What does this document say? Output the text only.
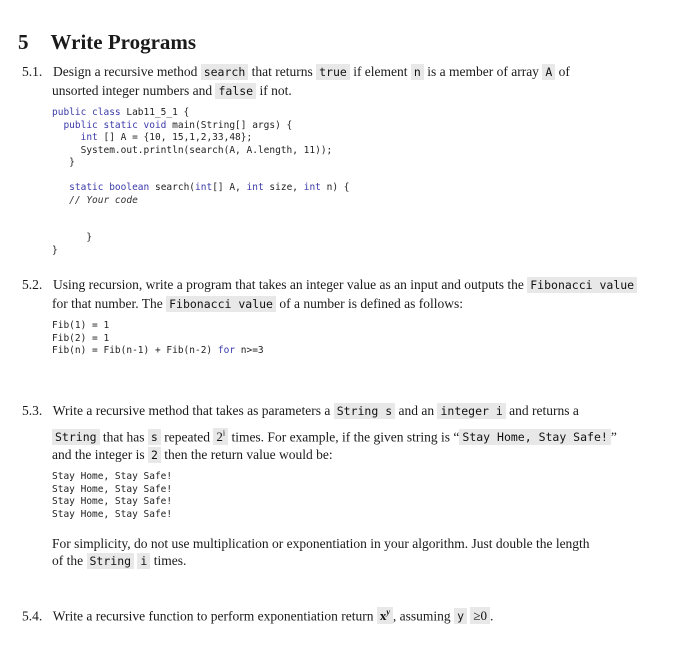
5 Write Programs
5.1. Design a recursive method search that returns true if element n is a member of array A of
unsorted integer numbers and false if not.
public class Lab11_5_1 {
public static void main(String[] args) {
int [] A = {10, 15,1,2,33,48};
System.out.println(search(A, A.length, 11));
}

static boolean search(int[] A, int size, int n) {
// Your code

}
}
5.2. Using recursion, write a program that takes an integer value as an input and outputs the Fibonacci value
for that number. The Fibonacci value of a number is defined as follows:
Fib(1) = 1
Fib(2) = 1
Fib(n) = Fib(n-1) + Fib(n-2) for n>=3
5.3. Write a recursive method that takes as parameters a String s and an integer i and returns a
String that has s repeated 2$^i$ times. For example, if the given string is “ Stay Home, Stay Safe! ”
and the integer is 2 then the return value would be:
Stay Home, Stay Safe!
Stay Home, Stay Safe!
Stay Home, Stay Safe!
Stay Home, Stay Safe!
For simplicity, do not use multiplication or exponentiation in your algorithm. Just double the length
of the String i times.
5.4. Write a recursive function to perform exponentiation return $x^y$ , assuming y ≥0 .
